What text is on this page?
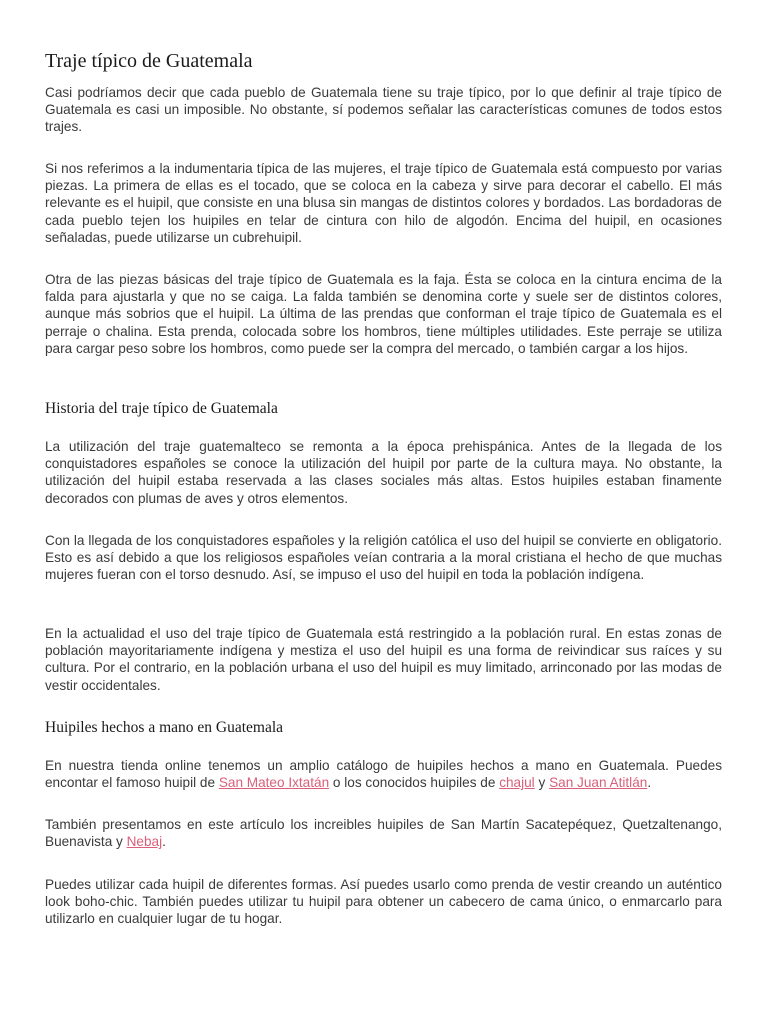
Traje típico de Guatemala

Casi podríamos decir que cada pueblo de Guatemala tiene su traje típico, por lo que definir al traje típico de Guatemala es casi un imposible. No obstante, sí podemos señalar las características comunes de todos estos trajes.

Si nos referimos a la indumentaria típica de las mujeres, el traje típico de Guatemala está compuesto por varias piezas. La primera de ellas es el tocado, que se coloca en la cabeza y sirve para decorar el cabello. El más relevante es el huipil, que consiste en una blusa sin mangas de distintos colores y bordados. Las bordadoras de cada pueblo tejen los huipiles en telar de cintura con hilo de algodón. Encima del huipil, en ocasiones señaladas, puede utilizarse un cubrehuipil.

Otra de las piezas básicas del traje típico de Guatemala es la faja. Ésta se coloca en la cintura encima de la falda para ajustarla y que no se caiga. La falda también se denomina corte y suele ser de distintos colores, aunque más sobrios que el huipil. La última de las prendas que conforman el traje típico de Guatemala es el perraje o chalina. Esta prenda, colocada sobre los hombros, tiene múltiples utilidades. Este perraje se utiliza para cargar peso sobre los hombros, como puede ser la compra del mercado, o también cargar a los hijos.

Historia del traje típico de Guatemala

La utilización del traje guatemalteco se remonta a la época prehispánica. Antes de la llegada de los conquistadores españoles se conoce la utilización del huipil por parte de la cultura maya. No obstante, la utilización del huipil estaba reservada a las clases sociales más altas. Estos huipiles estaban finamente decorados con plumas de aves y otros elementos.

Con la llegada de los conquistadores españoles y la religión católica el uso del huipil se convierte en obligatorio. Esto es así debido a que los religiosos españoles veían contraria a la moral cristiana el hecho de que muchas mujeres fueran con el torso desnudo. Así, se impuso el uso del huipil en toda la población indígena.

En la actualidad el uso del traje típico de Guatemala está restringido a la población rural. En estas zonas de población mayoritariamente indígena y mestiza el uso del huipil es una forma de reivindicar sus raíces y su cultura. Por el contrario, en la población urbana el uso del huipil es muy limitado, arrinconado por las modas de vestir occidentales.

Huipiles hechos a mano en Guatemala

En nuestra tienda online tenemos un amplio catálogo de huipiles hechos a mano en Guatemala. Puedes encontar el famoso huipil de San Mateo Ixtatán o los conocidos huipiles de chajul y San Juan Atitlán.

También presentamos en este artículo los increibles huipiles de San Martín Sacatepéquez, Quetzaltenango, Buenavista y Nebaj.

Puedes utilizar cada huipil de diferentes formas. Así puedes usarlo como prenda de vestir creando un auténtico look boho-chic. También puedes utilizar tu huipil para obtener un cabecero de cama único, o enmarcarlo para utilizarlo en cualquier lugar de tu hogar.
